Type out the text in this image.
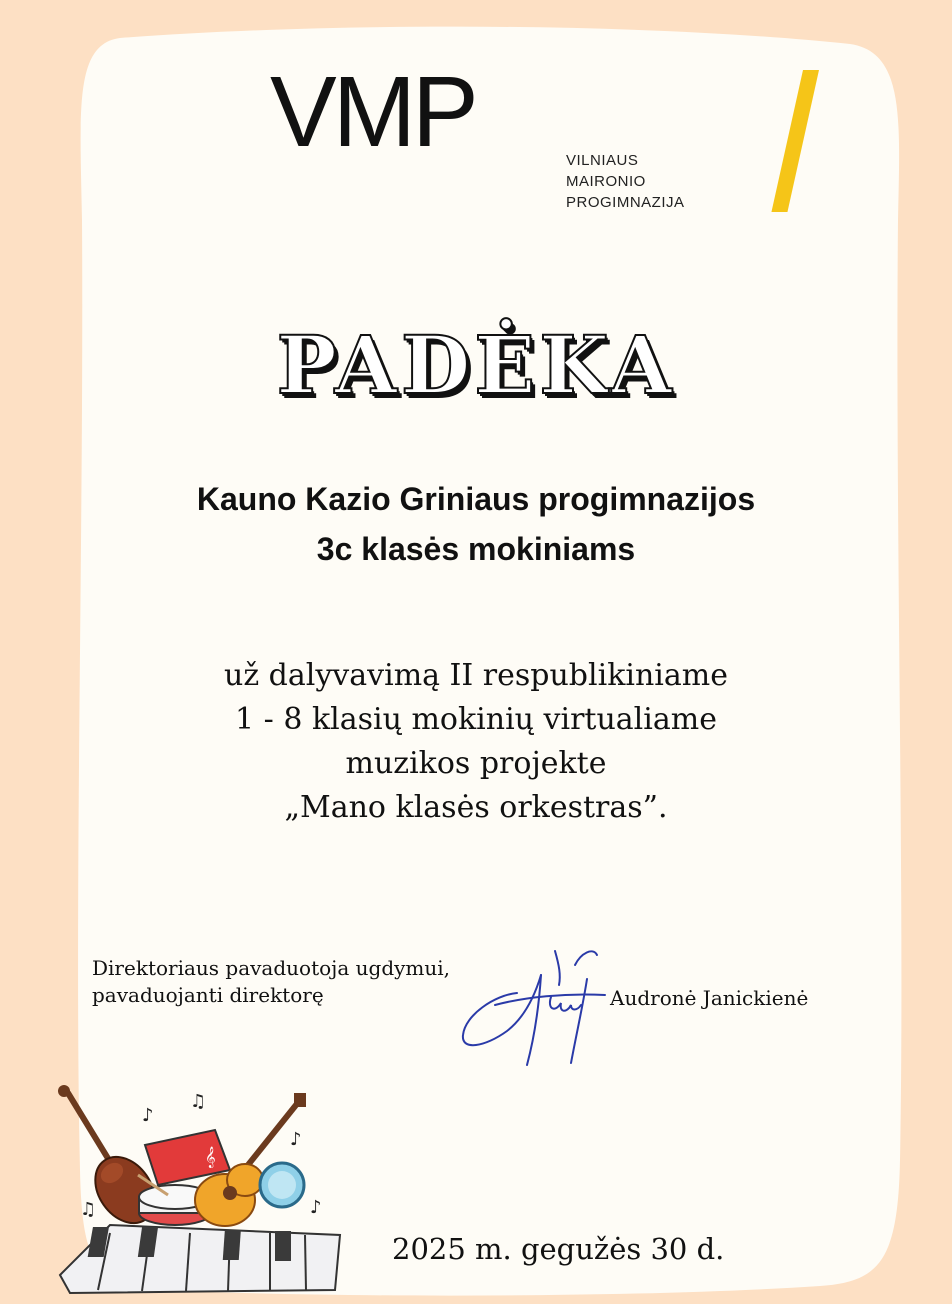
VMP	VILNIAUS
MAIRONIO
PROGIMNAZIJA
PADĖKA
Kauno Kazio Griniaus progimnazijos
3c klasės mokiniams
už dalyvavimą II respublikiniame
1 - 8 klasių mokinių virtualiame
muzikos projekte
„Mano klasės orkestras”.
Direktoriaus pavaduotoja ugdymui,
pavaduojanti direktorę	Audronė Janickienė
𝄞
♪
♫
♪
♫	♪
2025 m. gegužės 30 d.
